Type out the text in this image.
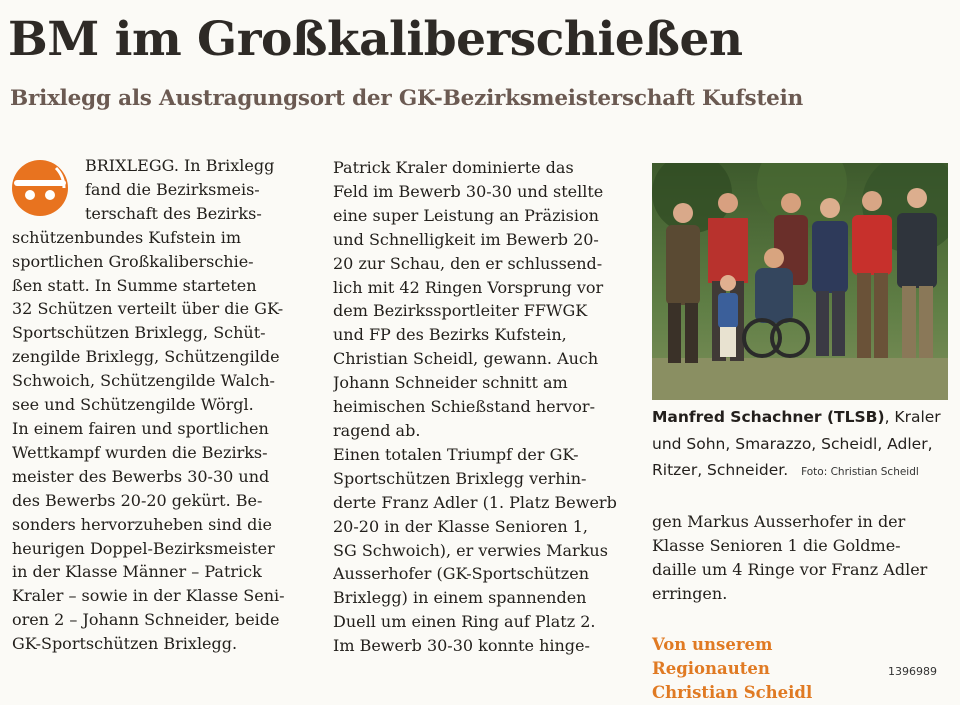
BM im Großkaliberschießen
Brixlegg als Austragungsort der GK-Bezirksmeisterschaft Kufstein
BRIXLEGG. In Brixlegg
fand die Bezirksmeis-
terschaft des Bezirks-
schützenbundes Kufstein im
sportlichen Großkaliberschie-
ßen statt. In Summe starteten
32 Schützen verteilt über die GK-
Sportschützen Brixlegg, Schüt-
zengilde Brixlegg, Schützengilde
Schwoich, Schützengilde Walch-
see und Schützengilde Wörgl.
In einem fairen und sportlichen
Wettkampf wurden die Bezirks-
meister des Bewerbs 30-30 und
des Bewerbs 20-20 gekürt. Be-
sonders hervorzuheben sind die
heurigen Doppel-Bezirksmeister
in der Klasse Männer – Patrick
Kraler – sowie in der Klasse Seni-
oren 2 – Johann Schneider, beide
GK-Sportschützen Brixlegg.
Patrick Kraler dominierte das
Feld im Bewerb 30-30 und stellte
eine super Leistung an Präzision
und Schnelligkeit im Bewerb 20-
20 zur Schau, den er schlussend-
lich mit 42 Ringen Vorsprung vor
dem Bezirkssportleiter FFWGK
und FP des Bezirks Kufstein,
Christian Scheidl, gewann. Auch
Johann Schneider schnitt am
heimischen Schießstand hervor-
ragend ab.
Einen totalen Triumpf der GK-
Sportschützen Brixlegg verhin-
derte Franz Adler (1. Platz Bewerb
20-20 in der Klasse Senioren 1,
SG Schwoich), er verwies Markus
Ausserhofer (GK-Sportschützen
Brixlegg) in einem spannenden
Duell um einen Ring auf Platz 2.
Im Bewerb 30-30 konnte hinge-
Manfred Schachner (TLSB), Kraler
und Sohn, Smarazzo, Scheidl, Adler,
Ritzer, Schneider. Foto: Christian Scheidl
gen Markus Ausserhofer in der
Klasse Senioren 1 die Goldme-
daille um 4 Ringe vor Franz Adler
erringen.
Von unserem Regionauten
Christian Scheidl
1396989
